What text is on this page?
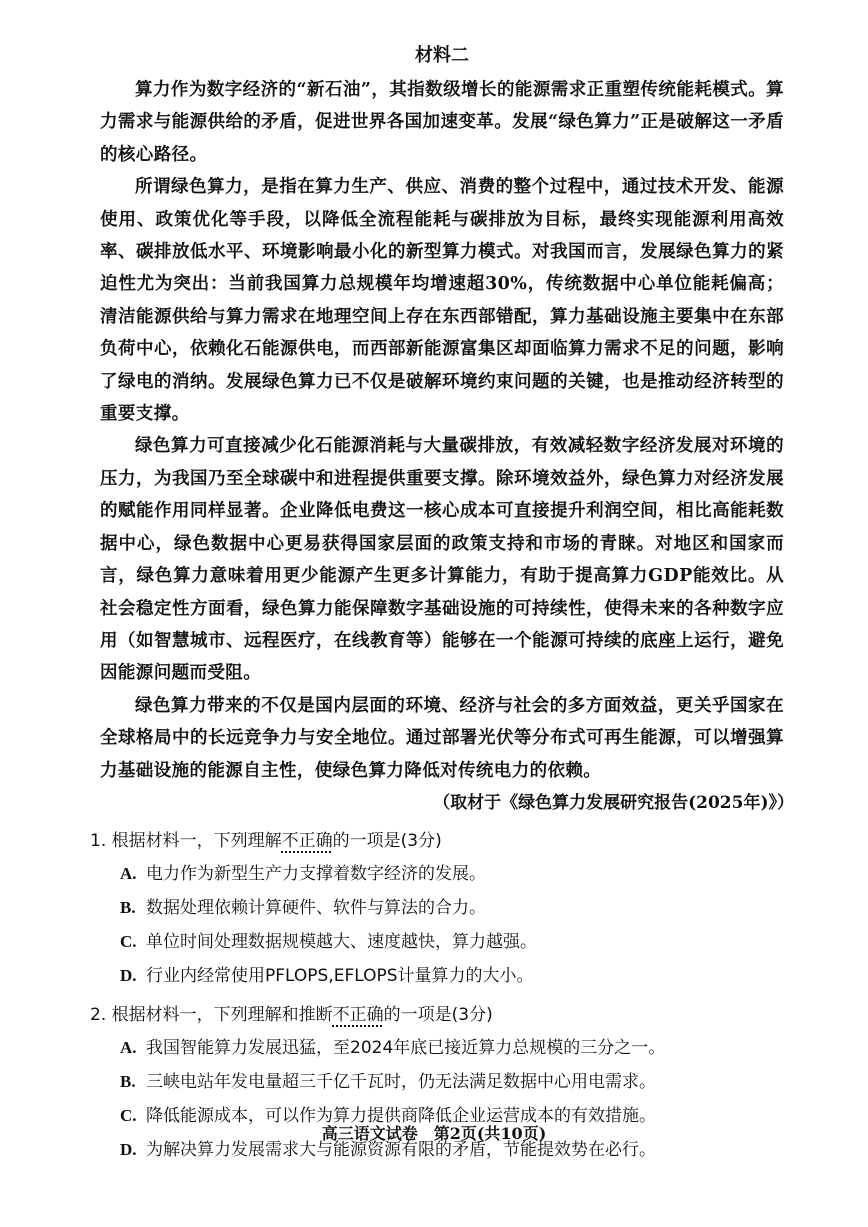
材料二

算力作为数字经济的“新石油”，其指数级增长的能源需求正重塑传统能耗模式。算力需求与能源供给的矛盾，促进世界各国加速变革。发展“绿色算力”正是破解这一矛盾的核心路径。

所谓绿色算力，是指在算力生产、供应、消费的整个过程中，通过技术开发、能源使用、政策优化等手段，以降低全流程能耗与碳排放为目标，最终实现能源利用高效率、碳排放低水平、环境影响最小化的新型算力模式。对我国而言，发展绿色算力的紧迫性尤为突出：当前我国算力总规模年均增速超30%，传统数据中心单位能耗偏高；清洁能源供给与算力需求在地理空间上存在东西部错配，算力基础设施主要集中在东部负荷中心，依赖化石能源供电，而西部新能源富集区却面临算力需求不足的问题，影响了绿电的消纳。发展绿色算力已不仅是破解环境约束问题的关键，也是推动经济转型的重要支撑。

绿色算力可直接减少化石能源消耗与大量碳排放，有效减轻数字经济发展对环境的压力，为我国乃至全球碳中和进程提供重要支撑。除环境效益外，绿色算力对经济发展的赋能作用同样显著。企业降低电费这一核心成本可直接提升利润空间，相比高能耗数据中心，绿色数据中心更易获得国家层面的政策支持和市场的青睐。对地区和国家而言，绿色算力意味着用更少能源产生更多计算能力，有助于提高算力GDP能效比。从社会稳定性方面看，绿色算力能保障数字基础设施的可持续性，使得未来的各种数字应用（如智慧城市、远程医疗，在线教育等）能够在一个能源可持续的底座上运行，避免因能源问题而受阻。

绿色算力带来的不仅是国内层面的环境、经济与社会的多方面效益，更关乎国家在全球格局中的长远竞争力与安全地位。通过部署光伏等分布式可再生能源，可以增强算力基础设施的能源自主性，使绿色算力降低对传统电力的依赖。

（取材于《绿色算力发展研究报告(2025年)》）
1. 根据材料一，下列理解不正确的一项是(3分)
A. 电力作为新型生产力支撑着数字经济的发展。
B. 数据处理依赖计算硬件、软件与算法的合力。
C. 单位时间处理数据规模越大、速度越快，算力越强。
D. 行业内经常使用PFLOPS,EFLOPS计量算力的大小。
2. 根据材料一，下列理解和推断不正确的一项是(3分)
A. 我国智能算力发展迅猛，至2024年底已接近算力总规模的三分之一。
B. 三峡电站年发电量超三千亿千瓦时，仍无法满足数据中心用电需求。
C. 降低能源成本，可以作为算力提供商降低企业运营成本的有效措施。
D. 为解决算力发展需求大与能源资源有限的矛盾，节能提效势在必行。
高三语文试卷　第2页(共10页)
